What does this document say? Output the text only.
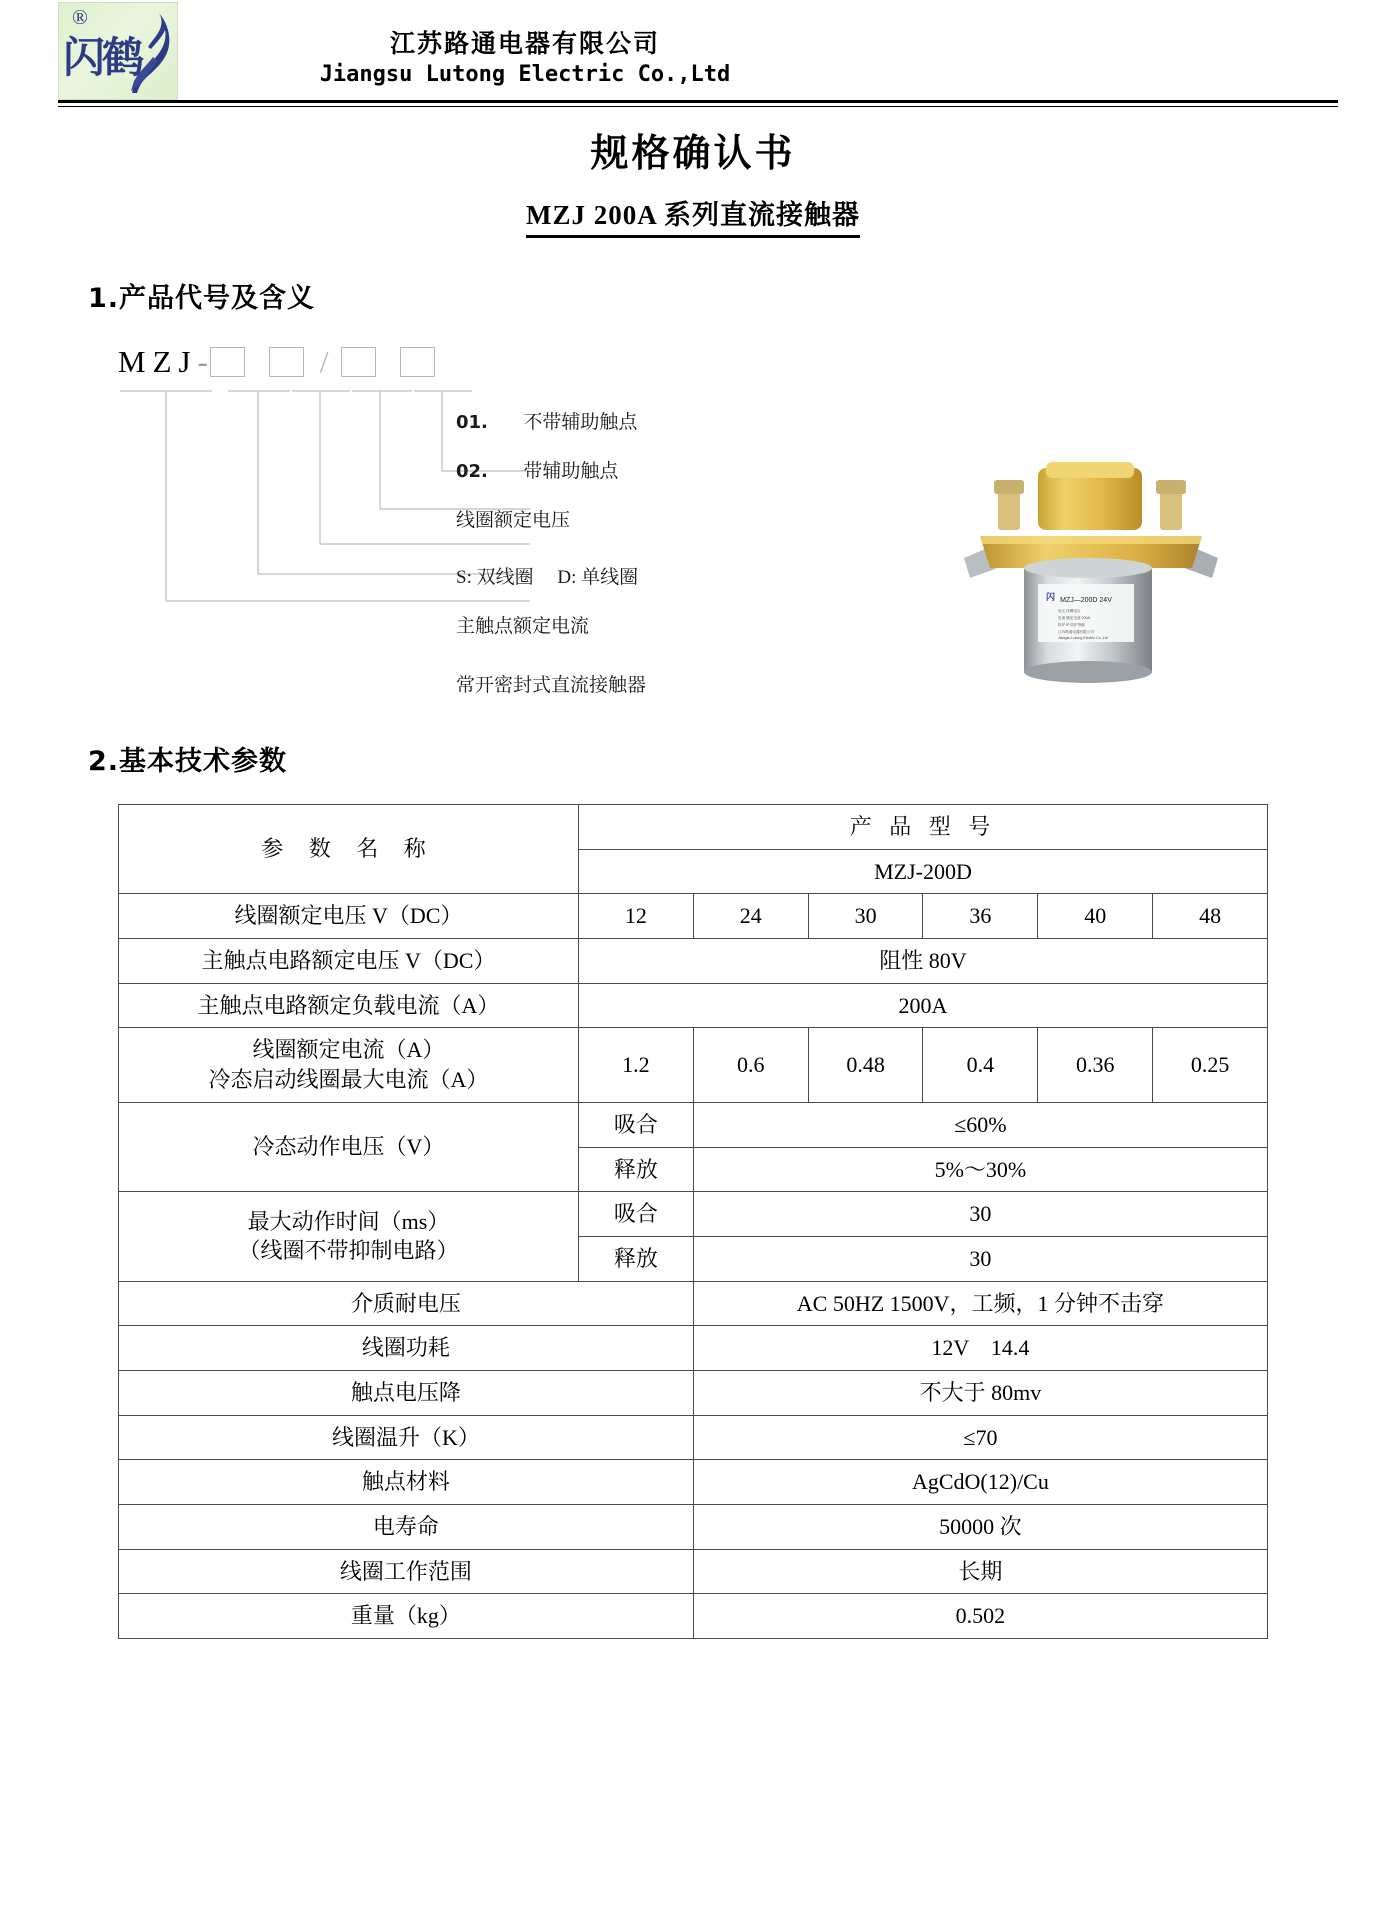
®
闪鹤	江苏路通电器有限公司
Jiangsu Lutong Electric Co.,Ltd
规格确认书
MZJ 200A 系列直流接触器
1.产品代号及含义
MZJ -	/
01. 不带辅助触点
02. 带辅助触点
线圈额定电压
S: 双线圈　 D: 单线圈
主触点额定电流
常开密封式直流接触器
MZJ—200D 24V
电压 线圈电压
电流 额定电流 200A
防护 IP 防护等级
江苏路通电器有限公司
Jiangsu Lutong Electric Co.,Ltd
闪
2.基本技术参数
参 数 名 称	产 品 型 号					
	MZJ-200D					
线圈额定电压 V（DC）	12	24	30	36	40	48
主触点电路额定电压 V（DC）	阻性 80V					
主触点电路额定负载电流（A）	200A					

线圈额定电流（A）
冷态启动线圈最大电流（A）	1.2	0.6	0.48	0.4	0.36	0.25
冷态动作电压（V）	吸合	≤60%				
	释放	5%～30%				

最大动作时间（ms）
（线圈不带抑制电路）	吸合	30				
	释放	30				
介质耐电压		AC 50HZ 1500V，工频，1 分钟不击穿				
线圈功耗		12V　14.4				
触点电压降		不大于 80mv				
线圈温升（K）		≤70				
触点材料		AgCdO(12)/Cu				
电寿命		50000 次				
线圈工作范围		长期				
重量（kg）		0.502				
